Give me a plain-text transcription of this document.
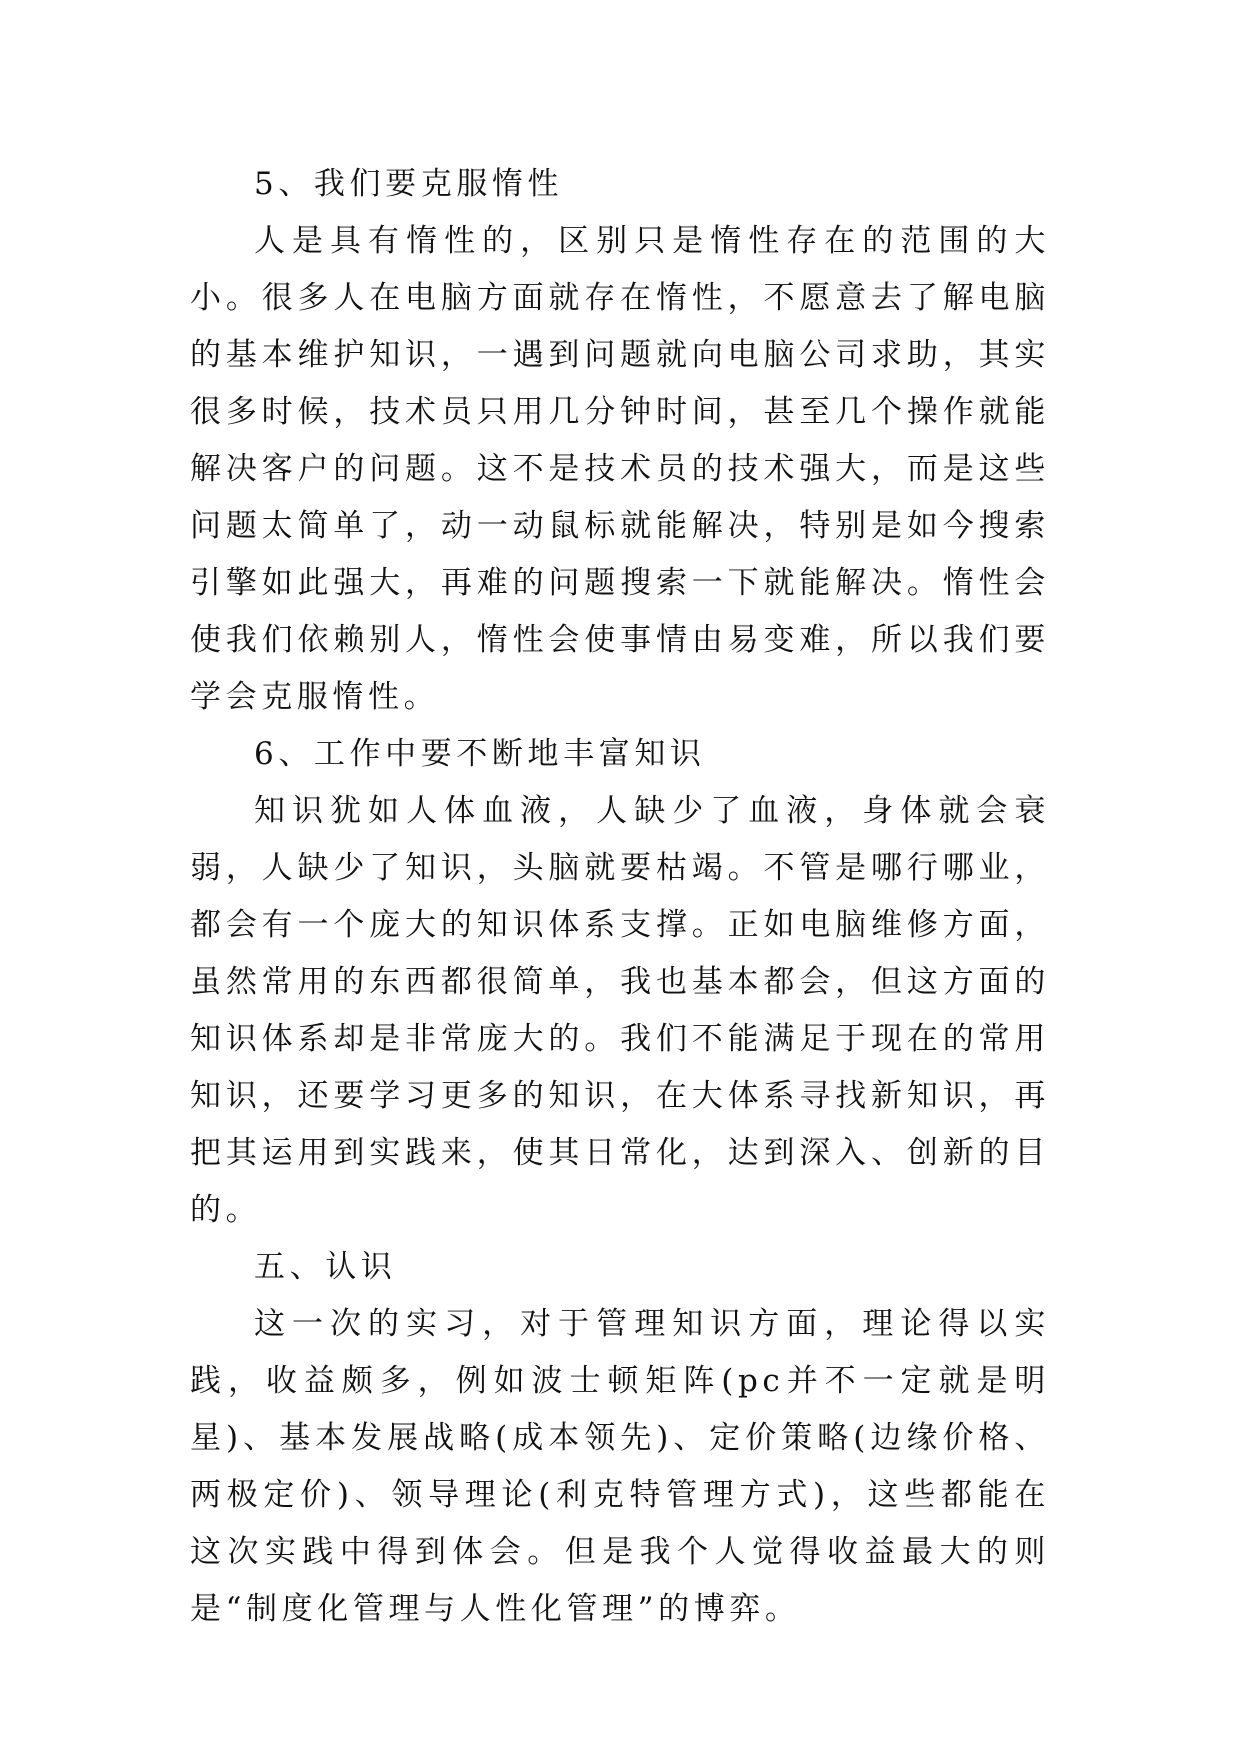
5、我们要克服惰性

人是具有惰性的，区别只是惰性存在的范围的大小。很多人在电脑方面就存在惰性，不愿意去了解电脑的基本维护知识，一遇到问题就向电脑公司求助，其实很多时候，技术员只用几分钟时间，甚至几个操作就能解决客户的问题。这不是技术员的技术强大，而是这些问题太简单了，动一动鼠标就能解决，特别是如今搜索引擎如此强大，再难的问题搜索一下就能解决。惰性会使我们依赖别人，惰性会使事情由易变难，所以我们要学会克服惰性。

6、工作中要不断地丰富知识

知识犹如人体血液，人缺少了血液，身体就会衰弱，人缺少了知识，头脑就要枯竭。不管是哪行哪业，都会有一个庞大的知识体系支撑。正如电脑维修方面，虽然常用的东西都很简单，我也基本都会，但这方面的知识体系却是非常庞大的。我们不能满足于现在的常用知识，还要学习更多的知识，在大体系寻找新知识，再把其运用到实践来，使其日常化，达到深入、创新的目的。

五、认识

这一次的实习，对于管理知识方面，理论得以实践，收益颇多，例如波士顿矩阵(pc并不一定就是明星)、基本发展战略(成本领先)、定价策略(边缘价格、两极定价)、领导理论(利克特管理方式)，这些都能在这次实践中得到体会。但是我个人觉得收益最大的则是“制度化管理与人性化管理”的博弈。
